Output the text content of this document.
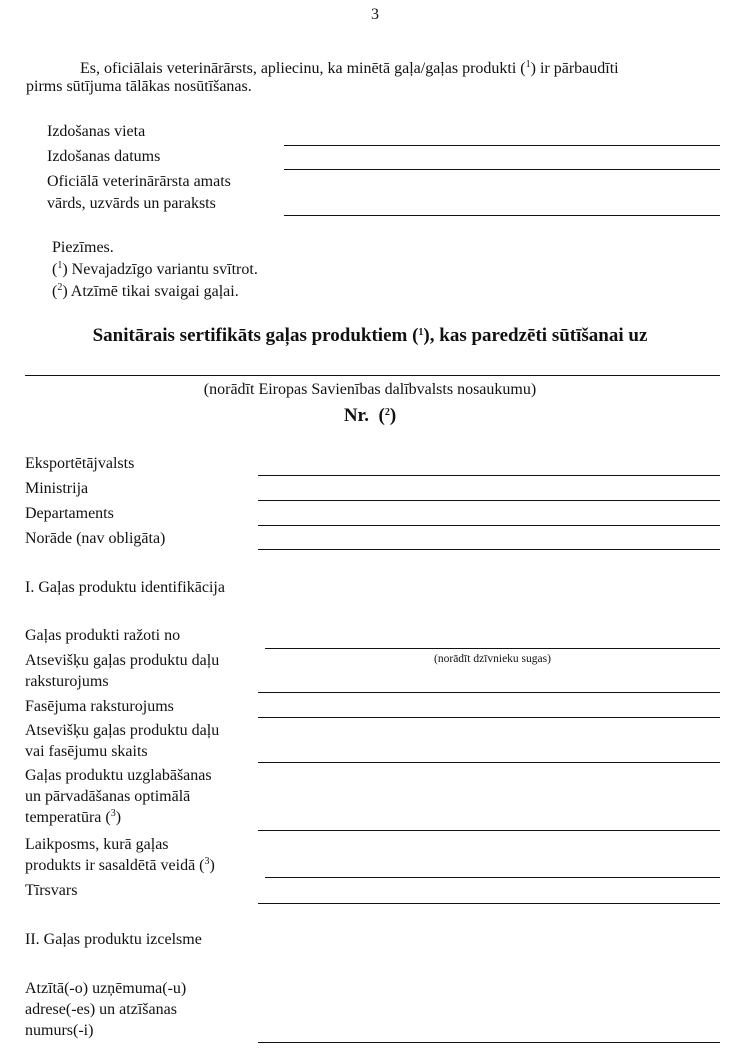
3
Es, oficiālais veterinārārsts, apliecinu, ka minētā gaļa/gaļas produkti ($^1$) ir pārbaudīti
pirms sūtījuma tālākas nosūtīšanas.
Izdošanas vieta
Izdošanas datums
Oficiālā veterinārārsta amats
vārds, uzvārds un paraksts
Piezīmes.
($^1$) Nevajadzīgo variantu svītrot.
($^2$) Atzīmē tikai svaigai gaļai.
Sanitārais sertifikāts gaļas produktiem ($^1$), kas paredzēti sūtīšanai uz
(norādīt Eiropas Savienības dalībvalsts nosaukumu)
Nr.  ($^2$)
Eksportētājvalsts
Ministrija
Departaments
Norāde (nav obligāta)
I. Gaļas produktu identifikācija
Gaļas produkti ražoti no
(norādīt dzīvnieku sugas)
Atsevišķu gaļas produktu daļu
raksturojums
Fasējuma raksturojums
Atsevišķu gaļas produktu daļu
vai fasējumu skaits
Gaļas produktu uzglabāšanas
un pārvadāšanas optimālā
temperatūra ($^3$)
Laikposms, kurā gaļas
produkts ir sasaldētā veidā ($^3$)
Tīrsvars
II. Gaļas produktu izcelsme
Atzītā(-o) uzņēmuma(-u)
adrese(-es) un atzīšanas
numurs(-i)
